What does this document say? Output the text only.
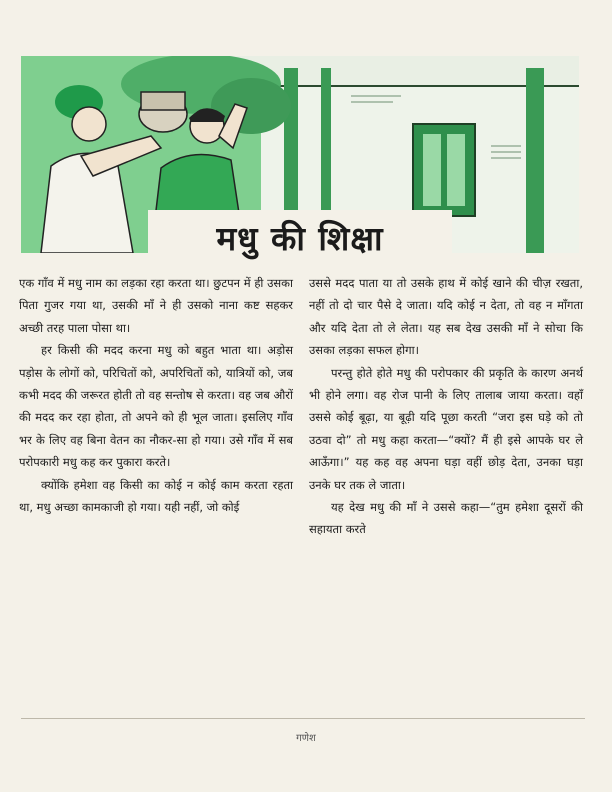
मधु की शिक्षा

एक गाँव में मधु नाम का लड़का रहा करता था। छुटपन में ही उसका पिता गुजर गया था, उसकी माँ ने ही उसको नाना कष्ट सहकर अच्छी तरह पाला पोसा था।

हर किसी की मदद करना मधु को बहुत भाता था। अड़ोस पड़ोस के लोगों को, परिचितों को, अपरिचितों को, यात्रियों को, जब कभी मदद की जरूरत होती तो वह सन्तोष से करता। वह जब औरों की मदद कर रहा होता, तो अपने को ही भूल जाता। इसलिए गाँव भर के लिए वह बिना वेतन का नौकर-सा हो गया। उसे गाँव में सब परोपकारी मधु कह कर पुकारा करते।

क्योंकि हमेशा वह किसी का कोई न कोई काम करता रहता था, मधु अच्छा कामकाजी हो गया। यही नहीं, जो कोई

उससे मदद पाता या तो उसके हाथ में कोई खाने की चीज़ रखता, नहीं तो दो चार पैसे दे जाता। यदि कोई न देता, तो वह न माँगता और यदि देता तो ले लेता। यह सब देख उसकी माँ ने सोचा कि उसका लड़का सफल होगा।

परन्तु होते होते मधु की परोपकार की प्रकृति के कारण अनर्थ भी होने लगा। वह रोज पानी के लिए तालाब जाया करता। वहाँ उससे कोई बूढ़ा, या बूढ़ी यदि पूछा करती “जरा इस घड़े को तो उठवा दो” तो मधु कहा करता—“क्यों? मैं ही इसे आपके घर ले आऊँगा।” यह कह वह अपना घड़ा वहीं छोड़ देता, उनका घड़ा उनके घर तक ले जाता।

यह देख मधु की माँ ने उससे कहा—“तुम हमेशा दूसरों की सहायता करते

गणेश
